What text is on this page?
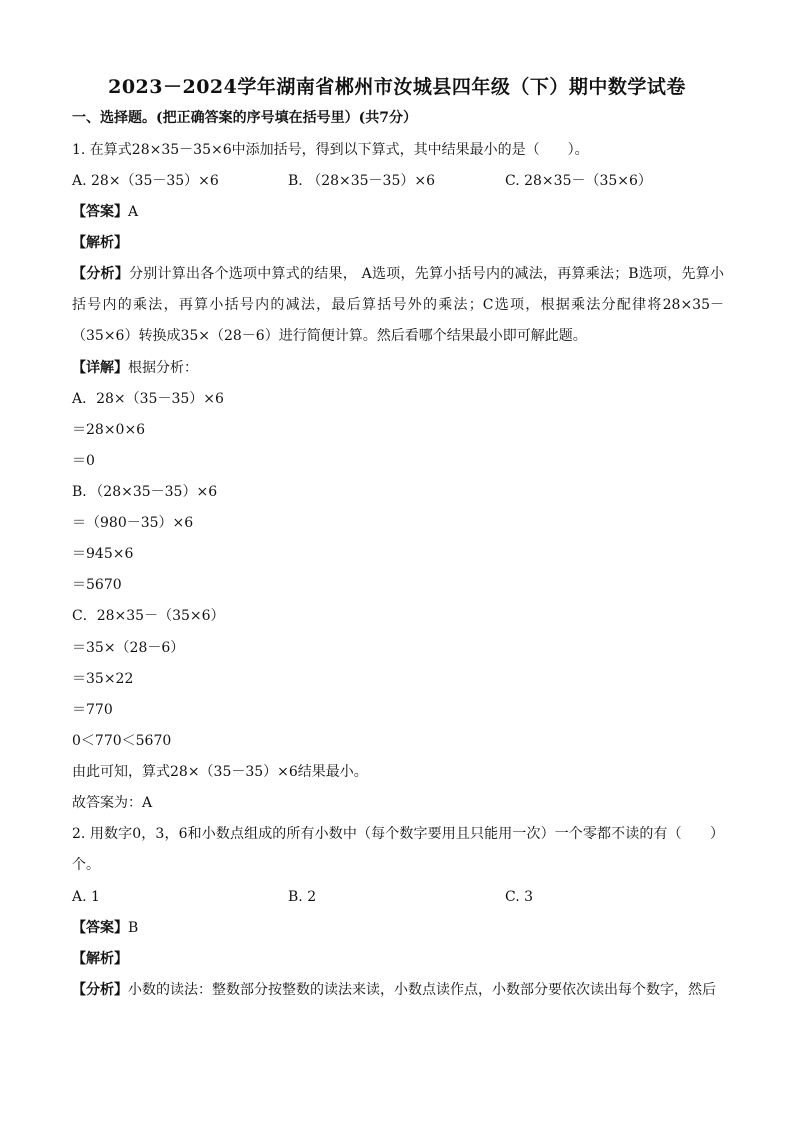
2023－2024学年湖南省郴州市汝城县四年级（下）期中数学试卷
一、选择题。(把正确答案的序号填在括号里）(共7分）
1. 在算式28×35－35×6中添加括号，得到以下算式，其中结果最小的是（　　）。
A. 28×（35－35）×6	B. （28×35－35）×6	C. 28×35－（35×6）
【答案】A
【解析】
【分析】分别计算出各个选项中算式的结果， A选项，先算小括号内的减法，再算乘法；B选项，先算小括号内的乘法，再算小括号内的减法，最后算括号外的乘法；C选项，根据乘法分配律将28×35－（35×6）转换成35×（28－6）进行简便计算。然后看哪个结果最小即可解此题。
【详解】根据分析：
A．28×（35－35）×6
＝28×0×6
＝0
B．（28×35－35）×6
＝（980－35）×6
＝945×6
＝5670
C．28×35－（35×6）
＝35×（28－6）
＝35×22
＝770
0＜770＜5670
由此可知，算式28×（35－35）×6结果最小。
故答案为：A
2. 用数字0，3，6和小数点组成的所有小数中（每个数字要用且只能用一次）一个零都不读的有（　　）个。
A. 1	B. 2	C. 3
【答案】B
【解析】
【分析】小数的读法：整数部分按整数的读法来读，小数点读作点，小数部分要依次读出每个数字，然后
